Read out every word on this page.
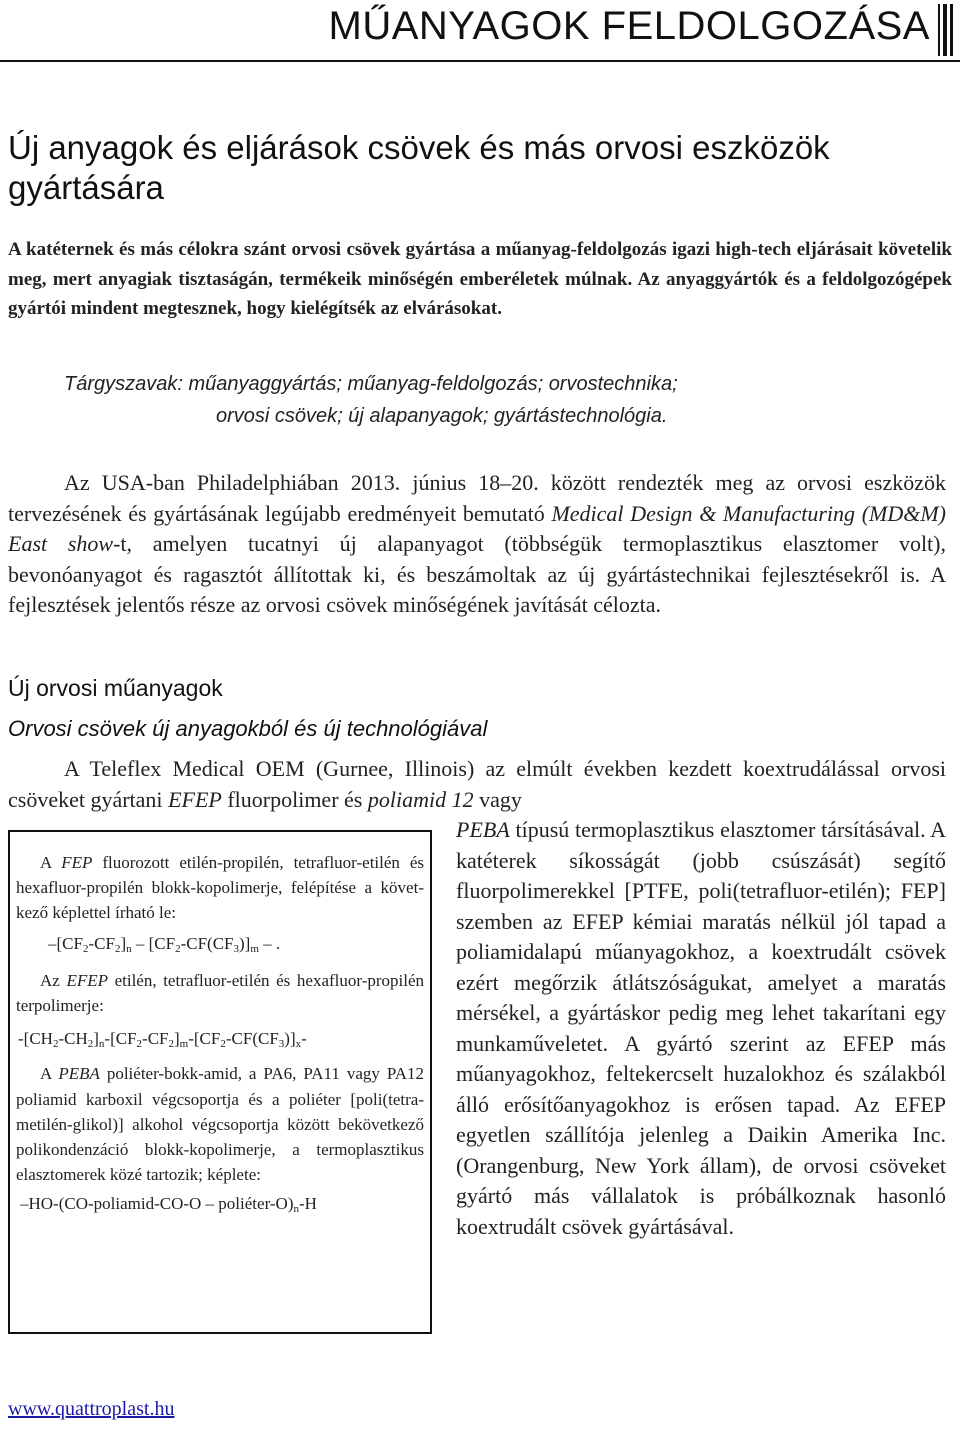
MŰANYAGOK FELDOLGOZÁSA
Új anyagok és eljárások csövek és más orvosi eszközök gyártására

A katéternek és más célokra szánt orvosi csövek gyártása a műanyag-feldolgozás igazi high-tech eljárásait követelik meg, mert anyagiak tisztaságán, termékeik minőségén emberéletek múlnak. Az anyaggyártók és a feldolgozógépek gyártói mindent megtesznek, hogy kielégítsék az elvárásokat.

Tárgyszavak: műanyaggyártás; műanyag-feldolgozás; orvostechnika;
orvosi csövek; új alapanyagok; gyártástechnológia.

Az USA-ban Philadelphiában 2013. június 18–20. között rendezték meg az orvosi eszközök tervezésének és gyártásának legújabb eredményeit bemutató Medical Design & Manufacturing (MD&M) East show-t, amelyen tucatnyi új alapanyagot (többségük termoplasztikus elasztomer volt), bevonóanyagot és ragasztót állítottak ki, és beszámoltak az új gyártástechnikai fejlesztésekről is. A fejlesztések jelentős része az orvosi csövek minőségének javítását célozta.

Új orvosi műanyagok
Orvosi csövek új anyagokból és új technológiával

A Teleflex Medical OEM (Gurnee, Illinois) az elmúlt években kezdett koextrudálással orvosi csöveket gyártani EFEP fluorpolimer és poliamid 12 vagy

PEBA típusú termoplasztikus elasztomer társításával. A katéterek síkosságát (jobb csúszását) segítő fluorpolimerekkel [PTFE, poli(tetrafluor-etilén); FEP] szemben az EFEP kémiai maratás nélkül jól tapad a poliamidalapú műanyagokhoz, a koextrudált csövek ezért megőrzik átlátszóságukat, amelyet a maratás mérsékel, a gyártáskor pedig meg lehet takarítani egy munkaműveletet. A gyártó szerint az EFEP más műanyagokhoz, feltekercselt huzalokhoz és szálakból álló erősítőanyagokhoz is erősen tapad. Az EFEP egyetlen szállítója jelenleg a Daikin Amerika Inc. (Orangenburg, New York állam), de orvosi csöveket gyártó más vállalatok is próbálkoznak hasonló koextrudált csövek gyártásával.

A FEP fluorozott etilén-propilén, tetrafluor-etilén és hexafluor-propilén blokk-kopolimerje, felépítése a követ-kező képlettel írható le:

$-[CF_2-CF_2]_n - [CF_2-CF(CF_3)]_m$ – .

Az EFEP etilén, tetrafluor-etilén és hexafluor-propilén terpolimerje:

$-[CH_2-CH_2]_n-[CF_2-CF_2]_m-[CF_2-CF(CF_3)]_x-$

A PEBA poliéter-bokk-amid, a PA6, PA11 vagy PA12 poliamid karboxil végcsoportja és a poliéter [poli(tetra-metilén-glikol)] alkohol végcsoportja között bekövetkező polikondenzáció blokk-kopolimerje, a termoplasztikus elasztomerek közé tartozik; képlete:

–HO-(CO-poliamid-CO-O – poliéter-$O)_n-H$

www.quattroplast.hu
